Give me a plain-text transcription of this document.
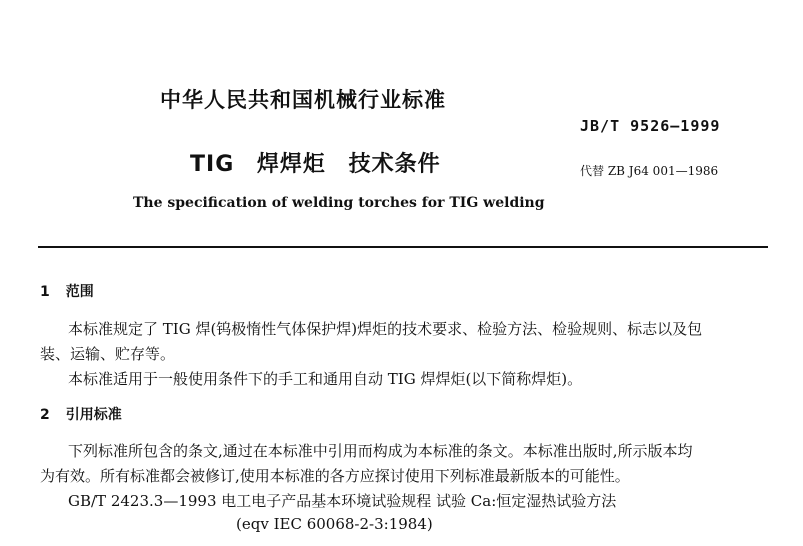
中华人民共和国机械行业标准
JB/T 9526—1999
TIG 焊焊炬 技术条件	代替 ZB J64 001—1986
The specification of welding torches for TIG welding
1 范围
本标准规定了 TIG 焊(钨极惰性气体保护焊)焊炬的技术要求、检验方法、检验规则、标志以及包
装、运输、贮存等。
本标准适用于一般使用条件下的手工和通用自动 TIG 焊焊炬(以下简称焊炬)。
2 引用标准
下列标准所包含的条文,通过在本标准中引用而构成为本标准的条文。本标准出版时,所示版本均
为有效。所有标准都会被修订,使用本标准的各方应探讨使用下列标准最新版本的可能性。
GB/T 2423.3—1993 电工电子产品基本环境试验规程 试验 Ca:恒定湿热试验方法
(eqv IEC 60068-2-3:1984)
